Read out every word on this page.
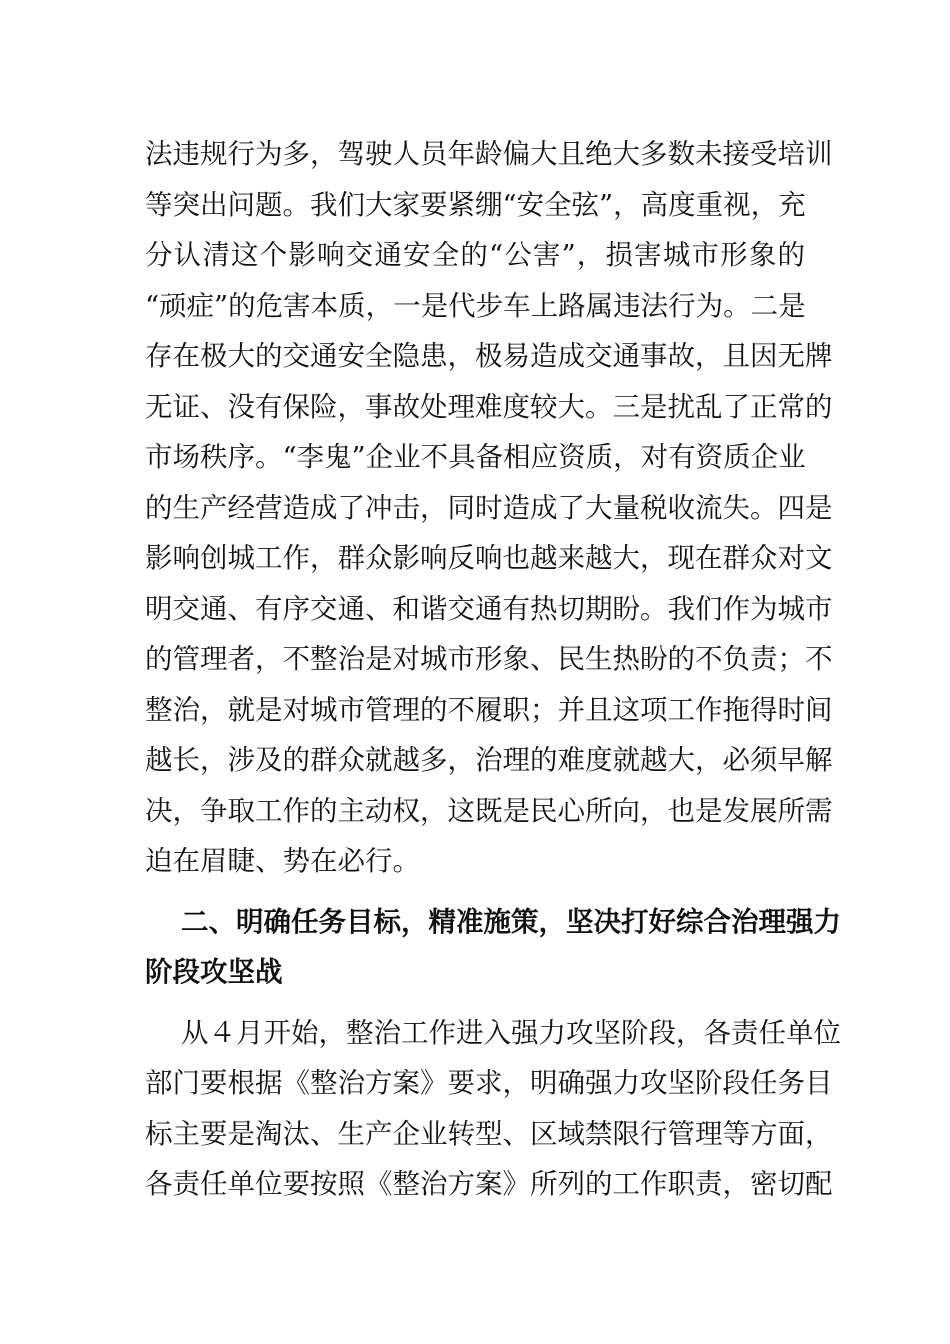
法违规行为多，驾驶人员年龄偏大且绝大多数未接受培训
等突出问题。我们大家要紧绷“安全弦”，高度重视，充
分认清这个影响交通安全的“公害”，损害城市形象的
“顽症”的危害本质，一是代步车上路属违法行为。二是
存在极大的交通安全隐患，极易造成交通事故，且因无牌
无证、没有保险，事故处理难度较大。三是扰乱了正常的
市场秩序。“李鬼”企业不具备相应资质，对有资质企业
的生产经营造成了冲击，同时造成了大量税收流失。四是
影响创城工作，群众影响反响也越来越大，现在群众对文
明交通、有序交通、和谐交通有热切期盼。我们作为城市
的管理者，不整治是对城市形象、民生热盼的不负责；不
整治，就是对城市管理的不履职；并且这项工作拖得时间
越长，涉及的群众就越多，治理的难度就越大，必须早解
决，争取工作的主动权，这既是民心所向，也是发展所需
迫在眉睫、势在必行。
二、明确任务目标，精准施策，坚决打好综合治理强力
阶段攻坚战
从４月开始，整治工作进入强力攻坚阶段，各责任单位
部门要根据《整治方案》要求，明确强力攻坚阶段任务目
标主要是淘汰、生产企业转型、区域禁限行管理等方面，
各责任单位要按照《整治方案》所列的工作职责，密切配
